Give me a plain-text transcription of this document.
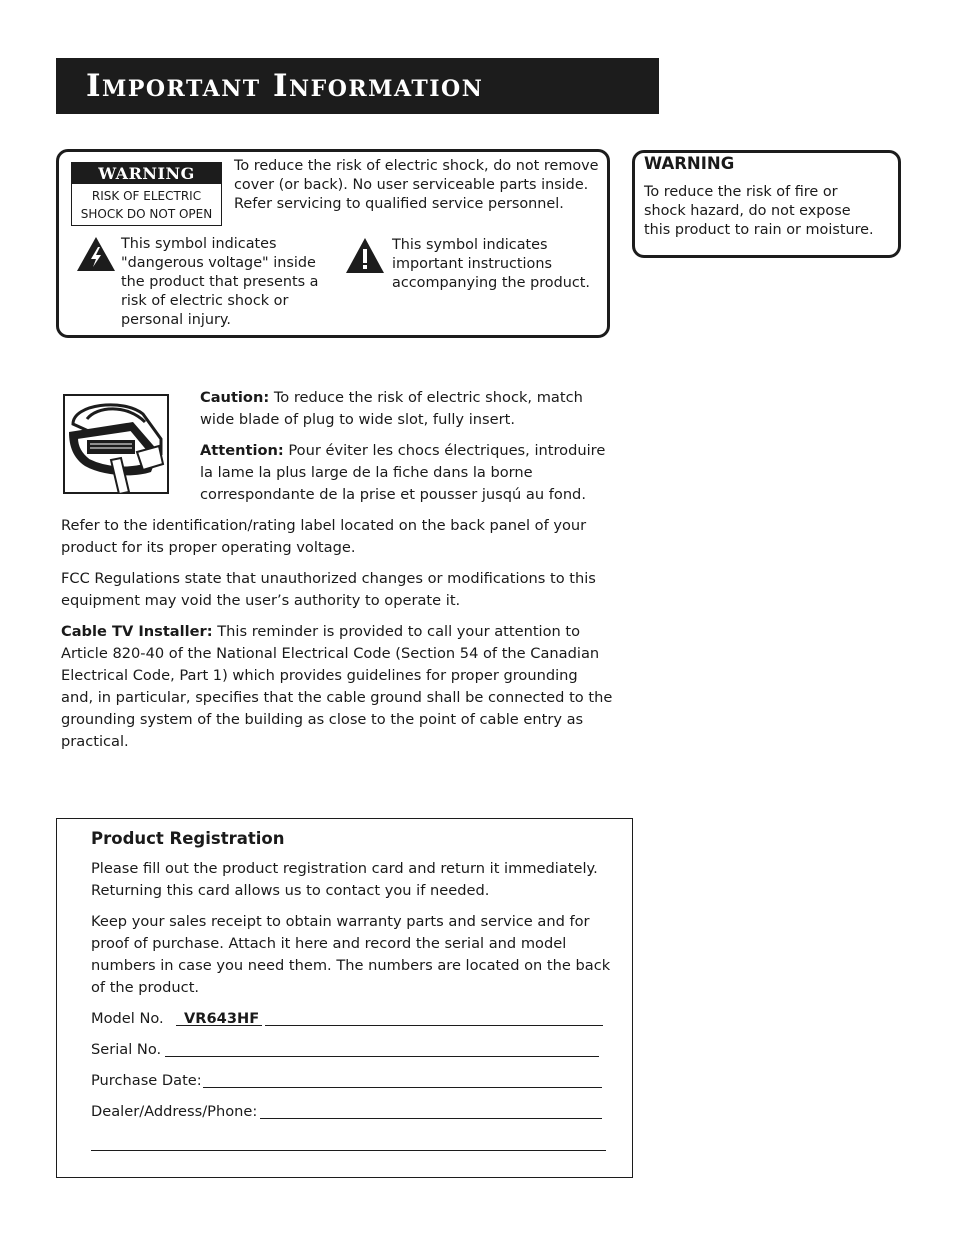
Important Information
WARNING
RISK OF ELECTRIC
SHOCK DO NOT OPEN
To reduce the risk of electric shock, do not remove
cover (or back). No user serviceable parts inside.
Refer servicing to qualified service personnel.
This symbol indicates
"dangerous voltage" inside
the product that presents a
risk of electric shock or
personal injury.
This symbol indicates
important instructions
accompanying the product.
WARNING
To reduce the risk of fire or
shock hazard, do not expose
this product to rain or moisture.
Caution: To reduce the risk of electric shock, match
wide blade of plug to wide slot, fully insert.
Attention: Pour éviter les chocs électriques, introduire
la lame la plus large de la fiche dans la borne
correspondante de la prise et pousser jusqú au fond.
Refer to the identification/rating label located on the back panel of your
product for its proper operating voltage.
FCC Regulations state that unauthorized changes or modifications to this
equipment may void the user’s authority to operate it.
Cable TV Installer: This reminder is provided to call your attention to
Article 820-40 of the National Electrical Code (Section 54 of the Canadian
Electrical Code, Part 1) which provides guidelines for proper grounding
and, in particular, specifies that the cable ground shall be connected to the
grounding system of the building as close to the point of cable entry as
practical.
Product Registration
Please fill out the product registration card and return it immediately.
Returning this card allows us to contact you if needed.
Keep your sales receipt to obtain warranty parts and service and for
proof of purchase. Attach it here and record the serial and model
numbers in case you need them. The numbers are located on the back
of the product.
Model No. VR643HF
Serial No.
Purchase Date:
Dealer/Address/Phone:
